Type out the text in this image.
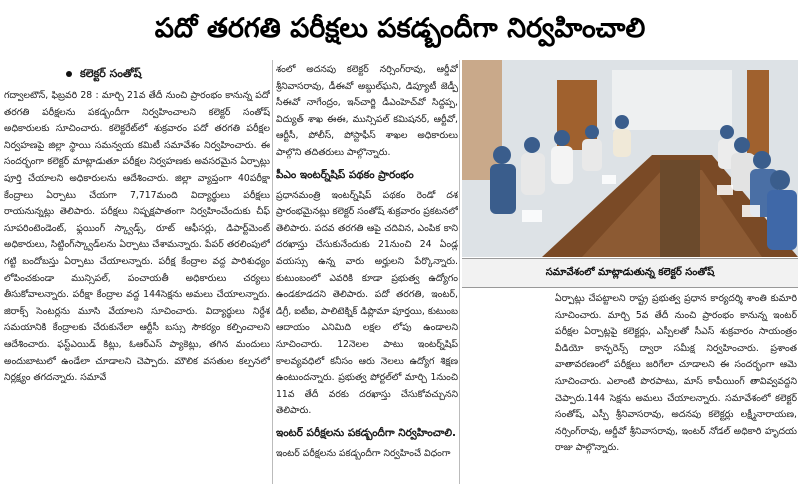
పదో తరగతి పరీక్షలు పకడ్బందీగా నిర్వహించాలి
కలెక్టర్ సంతోష్

గద్వాలటౌన్, ఫిబ్రవరి 28 : మార్చి 21వ తేదీ నుంచి ప్రారంభం కానున్న పదో తరగతి పరీక్షలను పకడ్బందీగా నిర్వహించాలని కలెక్టర్ సంతోష్ అధికారులకు సూచించారు. కలెక్టరేట్‌లో శుక్రవారం పదో తరగతి పరీక్షల నిర్వహణపై జిల్లా స్థాయి సమన్వయ కమిటీ సమావేశం నిర్వహించారు. ఈ సందర్భంగా కలెక్టర్ మాట్లాడుతూ పరీక్షల నిర్వహణకు అవసరమైన ఏర్పాట్లు పూర్తి చేయాలని అధికారులను ఆదేశించారు. జిల్లా వ్యాప్తంగా 40పరీక్షా కేంద్రాలు ఏర్పాటు చేయగా 7,717మంది విద్యార్థులు పరీక్షలు రాయనున్నట్లు తెలిపారు. పరీక్షలు నిష్పక్షపాతంగా నిర్వహించేందుకు చీఫ్ సూపరింటెండెంట్, ఫ్లయింగ్ స్క్వాడ్స్, రూట్ ఆఫీసర్లు, డిపార్ట్‌మెంట్ అధికారులు, సిట్టింగ్‌స్క్వాడ్‌లను ఏర్పాటు చేశామన్నారు. పేపర్ తరలింపులో గట్టి బందోబస్తు ఏర్పాటు చేయాలన్నారు. పరీక్ష కేంద్రాల వద్ద పారిశుధ్యం లోపించకుండా మున్సిపల్, పంచాయతీ అధికారులు చర్యలు తీసుకోవాలన్నారు. పరీక్షా కేంద్రాల వద్ద 144సెక్షను అమలు చేయాలన్నారు. జిరాక్స్ సెంటర్లను మూసి వేయాలని సూచించారు. విద్యార్థులు నిర్దేశ సమయానికి కేంద్రాలకు చేరుకునేలా ఆర్టీసీ బస్సు సౌకర్యం కల్పించాలని ఆదేశించారు. ఫస్ట్‌ఎయిడ్ కిట్లు, ఓఆర్‌ఎస్ ప్యాకెట్లు, తగిన మందులు అందుబాటులో ఉండేలా చూడాలని చెప్పారు. మౌలిక వసతుల కల్పనలో నిర్లక్ష్యం తగదన్నారు. సమావే

శంలో అదనపు కలెక్టర్ నర్సింగ్‌రావు, ఆర్డీవో శ్రీనివాసరావు, డీఈవో అబ్దుల్‌ఘని, డిప్యూటీ జెడ్పీ సీఈవో నాగేంద్రం, ఇన్‌చార్జి డీఎంహెచ్‌వో సిద్దప్ప, విద్యుత్ శాఖ ఈఈ, మున్సిపల్ కమిషనర్, ఆర్టీవో, ఆర్టీసీ, పోలీస్, పోస్టాఫీస్ శాఖల అధికారులు పాల్గొని తదితరులు పాల్గొన్నారు.

పీఎం ఇంటర్న్‌షిప్ పథకం ప్రారంభం

ప్రధానమంత్రి ఇంటర్న్‌షిప్ పథకం రెండో దశ ప్రారంభమైనట్లు కలెక్టర్ సంతోష్ శుక్రవారం ప్రకటనలో తెలిపారు. పదవ తరగతి ఆపై చదివిన, ఎంపిక కాని దరఖాస్తు చేసుకునేందుకు 21నుంచి 24 ఏండ్ల వయస్సు ఉన్న వారు అర్హులని పేర్కొన్నారు. కుటుంబంలో ఎవరికి కూడా ప్రభుత్వ ఉద్యోగం ఉండకూడదని తెలిపారు. పదో తరగతి, ఇంటర్, డిగ్రీ, ఐటీఐ, పాలిటెక్నిక్ డిప్లొమా పూర్తయి, కుటుంబ ఆదాయం ఎనిమిది లక్షల లోపు ఉండాలని సూచించారు. 12నెలల పాటు ఇంటర్న్‌షిప్ కాలవ్యవధిలో కనీసం ఆరు నెలలు ఉద్యోగ శిక్షణ ఉంటుందన్నారు. ప్రభుత్వ పోర్టల్‌లో మార్చి 1నుంచి 11వ తేదీ వరకు దరఖాస్తు చేసుకోవచ్చునని తెలిపారు.

ఇంటర్ పరీక్షలను పకడ్బందీగా నిర్వహించాలి.

ఇంటర్ పరీక్షలను పకడ్బందీగా నిర్వహించే విధంగా

సమావేశంలో మాట్లాడుతున్న కలెక్టర్ సంతోష్

ఏర్పాట్లు చేపట్టాలని రాష్ట్ర ప్రభుత్వ ప్రధాన కార్యదర్శి శాంతి కుమారి సూచించారు. మార్చి 5వ తేదీ నుంచి ప్రారంభం కానున్న ఇంటర్ పరీక్షల ఏర్పాట్లపై కలెక్టర్లు, ఎస్పీలతో సీఎస్ శుక్రవారం సాయంత్రం వీడియో కాన్ఫరెన్స్ ద్వారా సమీక్ష నిర్వహించారు. ప్రశాంత వాతావరణంలో పరీక్షలు జరిగేలా చూడాలని ఈ సందర్భంగా ఆమె సూచించారు. ఎలాంటి పొరపాటు, మాస్ కాపీయింగ్ తావివ్వవద్దని చెప్పారు.144 సెక్షను అమలు చేయాలన్నారు. సమావేశంలో కలెక్టర్ సంతోష్, ఎస్పీ శ్రీనివాసరావు, అదనపు కలెక్టర్లు లక్ష్మీనారాయణ, నర్సింగ్‌రావు, ఆర్డీవో శ్రీనివాసరావు, ఇంటర్ నోడల్ అధికారి హృదయ రాజు పాల్గొన్నారు.
